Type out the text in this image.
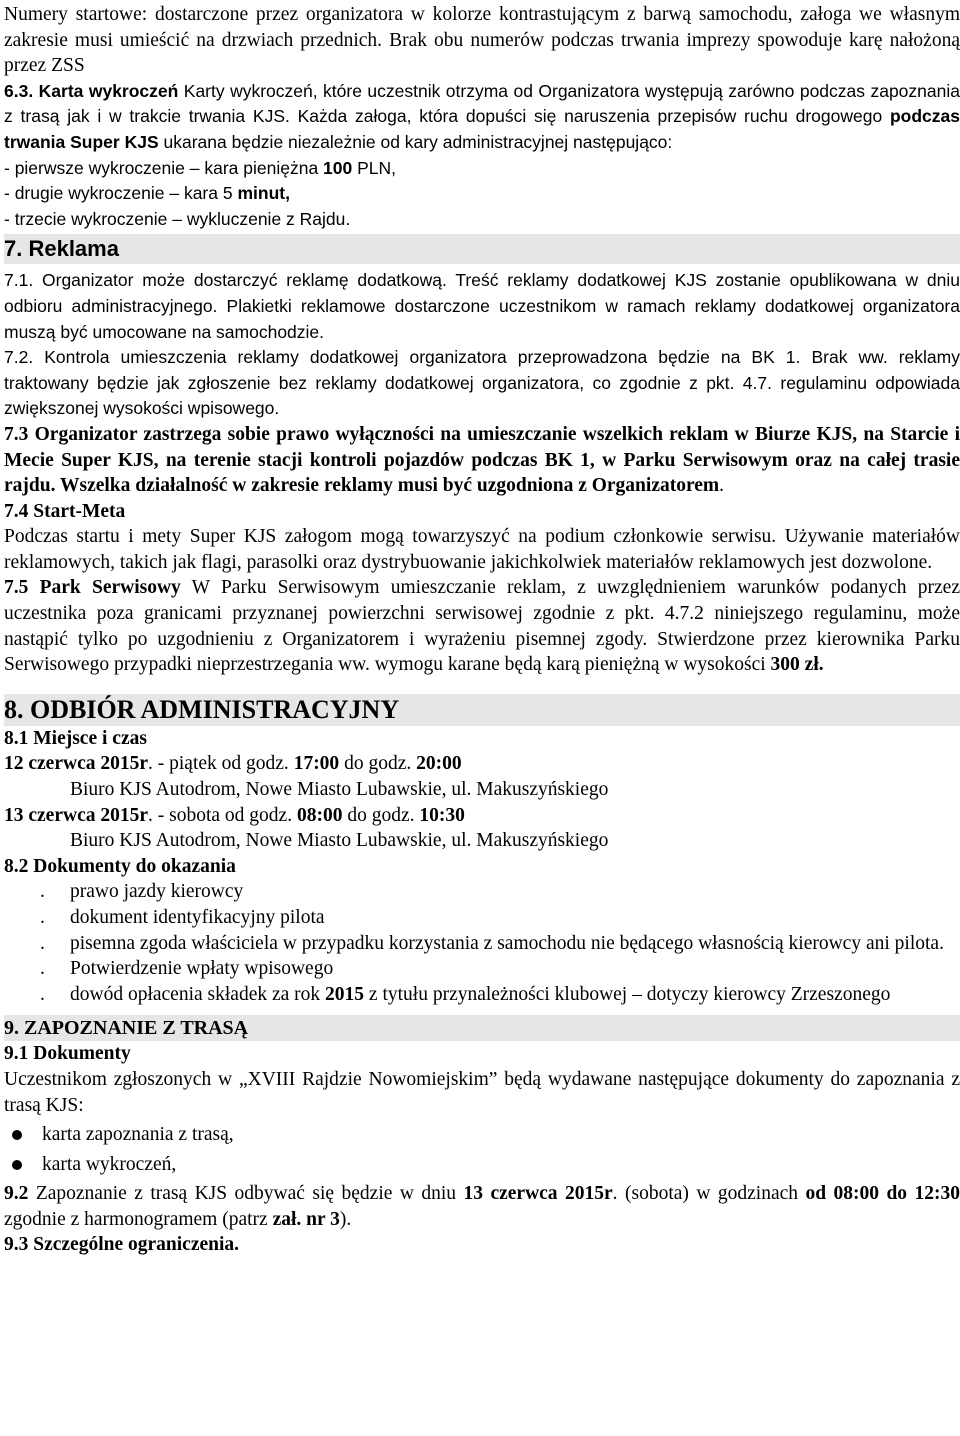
Numery startowe: dostarczone przez organizatora w kolorze kontrastującym z barwą samochodu, załoga we własnym zakresie musi umieścić na drzwiach przednich. Brak obu numerów podczas trwania imprezy spowoduje karę nałożoną przez ZSS

6.3. Karta wykroczeń Karty wykroczeń, które uczestnik otrzyma od Organizatora występują zarówno podczas zapoznania z trasą jak i w trakcie trwania KJS. Każda załoga, która dopuści się naruszenia przepisów ruchu drogowego podczas trwania Super KJS ukarana będzie niezależnie od kary administracyjnej następująco:

- pierwsze wykroczenie – kara pieniężna 100 PLN,
- drugie wykroczenie – kara 5 minut,
- trzecie wykroczenie – wykluczenie z Rajdu.
7. Reklama

7.1. Organizator może dostarczyć reklamę dodatkową. Treść reklamy dodatkowej KJS zostanie opublikowana w dniu odbioru administracyjnego. Plakietki reklamowe dostarczone uczestnikom w ramach reklamy dodatkowej organizatora muszą być umocowane na samochodzie.

7.2. Kontrola umieszczenia reklamy dodatkowej organizatora przeprowadzona będzie na BK 1. Brak ww. reklamy traktowany będzie jak zgłoszenie bez reklamy dodatkowej organizatora, co zgodnie z pkt. 4.7. regulaminu odpowiada zwiększonej wysokości wpisowego.

7.3 Organizator zastrzega sobie prawo wyłączności na umieszczanie wszelkich reklam w Biurze KJS, na Starcie i Mecie Super KJS, na terenie stacji kontroli pojazdów podczas BK 1, w Parku Serwisowym oraz na całej trasie rajdu. Wszelka działalność w zakresie reklamy musi być uzgodniona z Organizatorem.

7.4 Start-Meta

Podczas startu i mety Super KJS załogom mogą towarzyszyć na podium członkowie serwisu. Używanie materiałów reklamowych, takich jak flagi, parasolki oraz dystrybuowanie jakichkolwiek materiałów reklamowych jest dozwolone.

7.5 Park Serwisowy W Parku Serwisowym umieszczanie reklam, z uwzględnieniem warunków podanych przez uczestnika poza granicami przyznanej powierzchni serwisowej zgodnie z pkt. 4.7.2 niniejszego regulaminu, może nastąpić tylko po uzgodnieniu z Organizatorem i wyrażeniu pisemnej zgody. Stwierdzone przez kierownika Parku Serwisowego przypadki nieprzestrzegania ww. wymogu karane będą karą pieniężną w wysokości 300 zł.

8. ODBIÓR ADMINISTRACYJNY
8.1 Miejsce i czas
12 czerwca 2015r. - piątek od godz. 17:00 do godz. 20:00
Biuro KJS Autodrom, Nowe Miasto Lubawskie, ul. Makuszyńskiego
13 czerwca 2015r. - sobota od godz. 08:00 do godz. 10:30
Biuro KJS Autodrom, Nowe Miasto Lubawskie, ul. Makuszyńskiego
8.2 Dokumenty do okazania
. prawo jazdy kierowcy
. dokument identyfikacyjny pilota
. pisemna zgoda właściciela w przypadku korzystania z samochodu nie będącego własnością kierowcy ani pilota.
. Potwierdzenie wpłaty wpisowego
. dowód opłacenia składek za rok 2015 z tytułu przynależności klubowej – dotyczy kierowcy Zrzeszonego
9. ZAPOZNANIE Z TRASĄ
9.1 Dokumenty

Uczestnikom zgłoszonych w „XVIII Rajdzie Nowomiejskim” będą wydawane następujące dokumenty do zapoznania z trasą KJS:

karta zapoznania z trasą,
karta wykroczeń,

9.2 Zapoznanie z trasą KJS odbywać się będzie w dniu 13 czerwca 2015r. (sobota) w godzinach od 08:00 do 12:30 zgodnie z harmonogramem (patrz zał. nr 3).

9.3 Szczególne ograniczenia.
